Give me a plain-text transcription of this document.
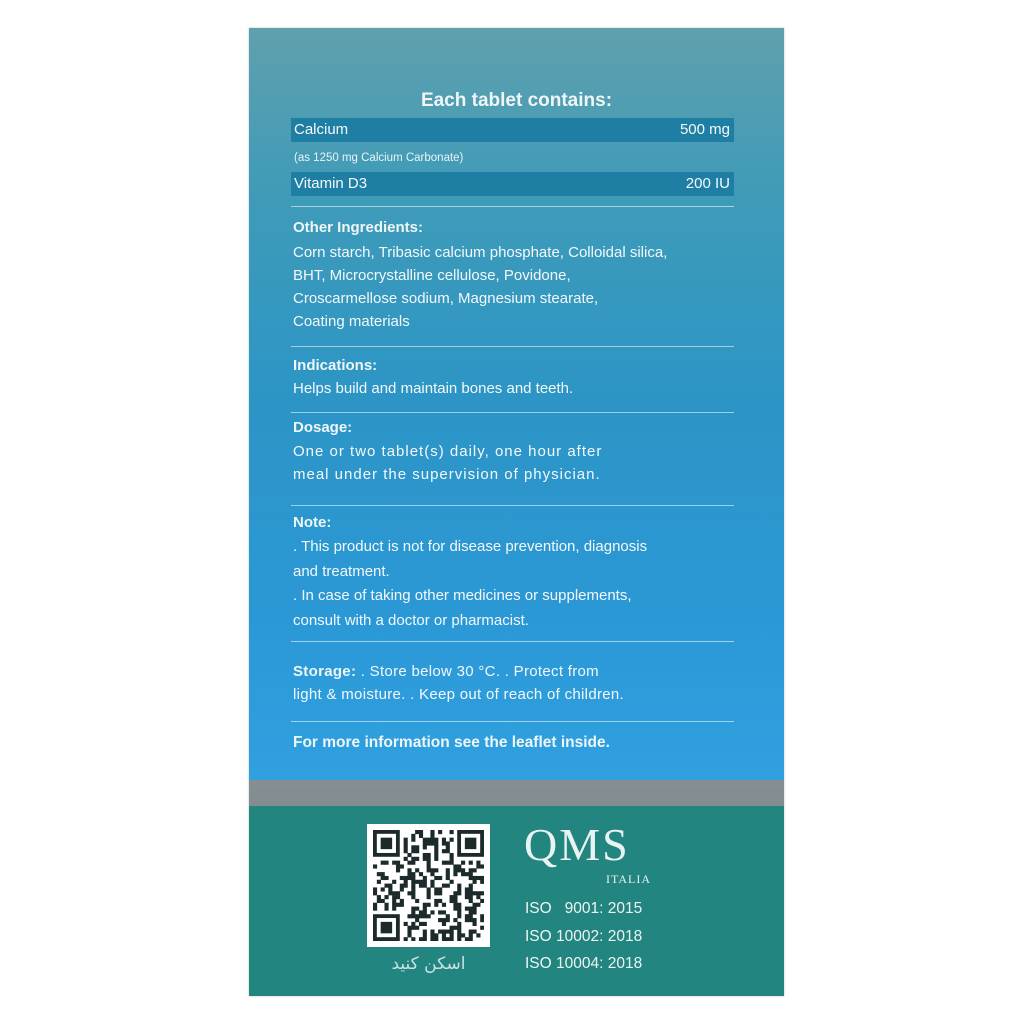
Each tablet contains:
Calcium	500 mg
(as 1250 mg Calcium Carbonate)
Vitamin D3	200 IU
Other Ingredients:
Corn starch, Tribasic calcium phosphate, Colloidal silica,
BHT, Microcrystalline cellulose, Povidone,
Croscarmellose sodium, Magnesium stearate,
Coating materials
Indications:
Helps build and maintain bones and teeth.
Dosage:
One or two tablet(s) daily, one hour after
meal under the supervision of physician.
Note:
. This product is not for disease prevention, diagnosis
and treatment.
. In case of taking other medicines or supplements,
consult with a doctor or pharmacist.
Storage: . Store below 30 °C. . Protect from
light & moisture. . Keep out of reach of children.
For more information see the leaflet inside.
اسکن کنید
QMS
ITALIA
ISO   9001: 2015
ISO 10002: 2018
ISO 10004: 2018
